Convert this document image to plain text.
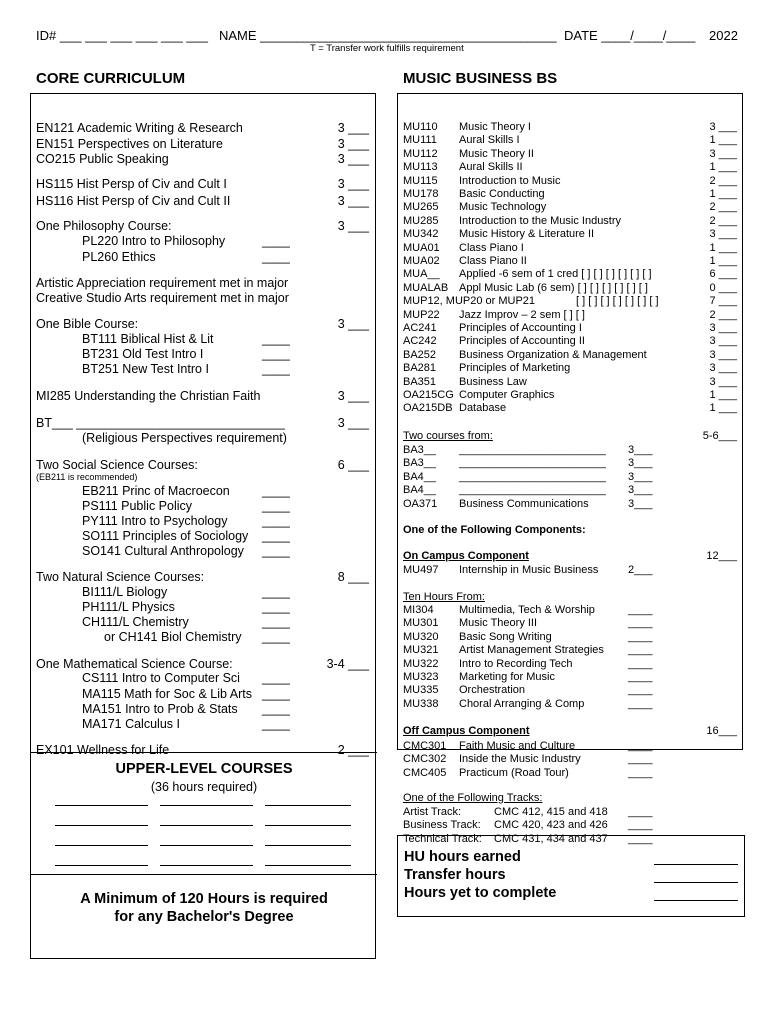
ID# ___ ___ ___ ___ ___ ___ NAME _________________________________________ DATE ____/____/____ 2022
T = Transfer work fulfills requirement
CORE CURRICULUM
UPPER-LEVEL COURSES
(36 hours required)
A Minimum of 120 Hours is required
for any Bachelor's Degree
EN121 Academic Writing & Research	3 ___
EN151 Perspectives on Literature	3 ___
CO215 Public Speaking	3 ___
HS115 Hist Persp of Civ and Cult I	3 ___
HS116 Hist Persp of Civ and Cult II	3 ___
One Philosophy Course:	3 ___
PL220 Intro to Philosophy	____
PL260 Ethics	____
Artistic Appreciation requirement met in major
Creative Studio Arts requirement met in major
One Bible Course:	3 ___
BT111 Biblical Hist & Lit	____
BT231 Old Test Intro I	____
BT251 New Test Intro I	____
MI285 Understanding the Christian Faith	3 ___
BT___ ______________________________	3 ___
(Religious Perspectives requirement)
Two Social Science Courses:	6 ___
(EB211 is recommended)
EB211 Princ of Macroecon	____
PS111 Public Policy	____
PY111 Intro to Psychology	____
SO111 Principles of Sociology ____
SO141 Cultural Anthropology ____
Two Natural Science Courses:	8 ___
BI111/L Biology	____
PH111/L Physics	____
CH111/L Chemistry	____
or CH141 Biol Chemistry ____
One Mathematical Science Course:	3-4 ___
CS111 Intro to Computer Sci ____
MA115 Math for Soc & Lib Arts ____
MA151 Intro to Prob & Stats ____
MA171 Calculus I	____
EX101 Wellness for Life	2 ___
MUSIC BUSINESS BS
MU110 Music Theory I	3 ___
MU111 Aural Skills I	1 ___
MU112 Music Theory II	3 ___
MU113 Aural Skills II	1 ___
MU115 Introduction to Music	2 ___
MU178 Basic Conducting	1 ___
MU265 Music Technology	2 ___
MU285 Introduction to the Music Industry	2 ___
MU342 Music History & Literature II	3 ___
MUA01 Class Piano I	1 ___
MUA02 Class Piano II	1 ___
MUA__ Applied -6 sem of 1 cred [ ] [ ] [ ] [ ] [ ] [ ]	6 ___
MUALAB Appl Music Lab (6 sem) [ ] [ ] [ ] [ ] [ ] [ ]	0 ___
MUP12, MUP20 or MUP21	[ ] [ ] [ ] [ ] [ ] [ ] [ ]	7 ___
MUP22 Jazz Improv – 2 sem [ ] [ ]	2 ___
AC241 Principles of Accounting I	3 ___
AC242 Principles of Accounting II	3 ___
BA252 Business Organization & Management	3 ___
BA281 Principles of Marketing	3 ___
BA351 Business Law	3 ___
OA215CG Computer Graphics	1 ___
OA215DB Database	1 ___
Two courses from:	5-6___
BA3__ ________________________ 3___
BA3__ ________________________ 3___
BA4__ ________________________ 3___
BA4__ ________________________ 3___
OA371 Business Communications	3___
One of the Following Components:
On Campus Component	12___
MU497 Internship in Music Business	2___
Ten Hours From:
MI304 Multimedia, Tech & Worship	____
MU301 Music Theory III	____
MU320 Basic Song Writing	____
MU321 Artist Management Strategies ____
MU322 Intro to Recording Tech	____
MU323 Marketing for Music	____
MU335 Orchestration	____
MU338 Choral Arranging & Comp	____
Off Campus Component	16___
CMC301 Faith Music and Culture	____
CMC302 Inside the Music Industry	____
CMC405 Practicum (Road Tour)	____
One of the Following Tracks:
Artist Track:	CMC 412, 415 and 418 ____
Business Track: CMC 420, 423 and 426 ____
Technical Track: CMC 431, 434 and 437 ____
HU hours earned
Transfer hours
Hours yet to complete
